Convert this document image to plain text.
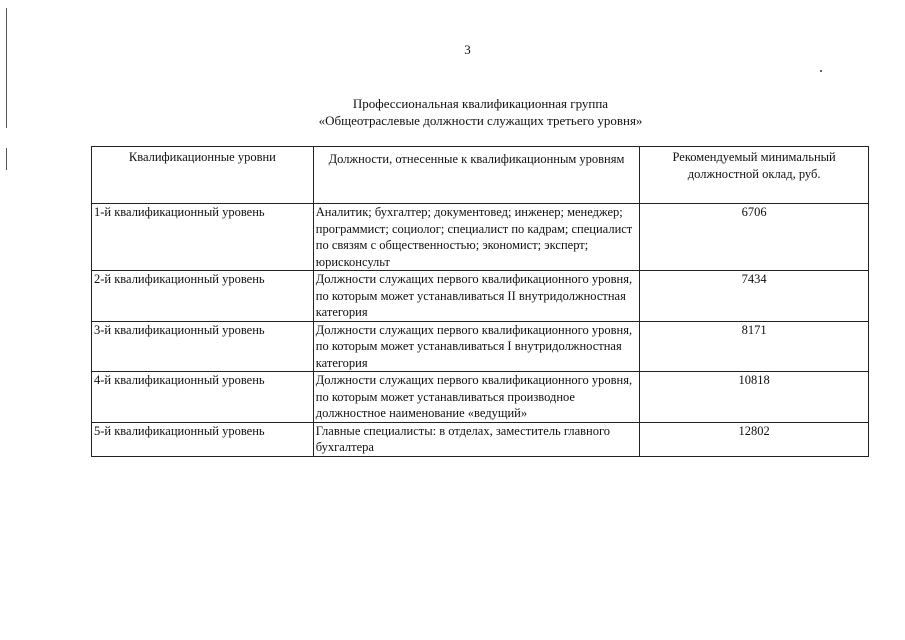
3
Профессиональная квалификационная группа
«Общеотраслевые должности служащих третьего уровня»
Квалификационные уровни	Должности, отнесенные к квалификационным уровням	Рекомендуемый минимальный должностной оклад, руб.
1-й квалификационный уровень	Аналитик; бухгалтер; документовед; инженер; менеджер; программист; социолог; специалист по кадрам; специалист по связям с общественностью; экономист; эксперт; юрисконсульт	6706
2-й квалификационный уровень	Должности служащих первого квалификационного уровня, по которым может устанавливаться II внутридолжностная категория	7434
3-й квалификационный уровень	Должности служащих первого квалификационного уровня, по которым может устанавливаться I внутридолжностная категория	8171
4-й квалификационный уровень	Должности служащих первого квалификационного уровня, по которым может устанавливаться производное должностное наименование «ведущий»	10818
5-й квалификационный уровень	Главные специалисты: в отделах, заместитель главного бухгалтера	12802
